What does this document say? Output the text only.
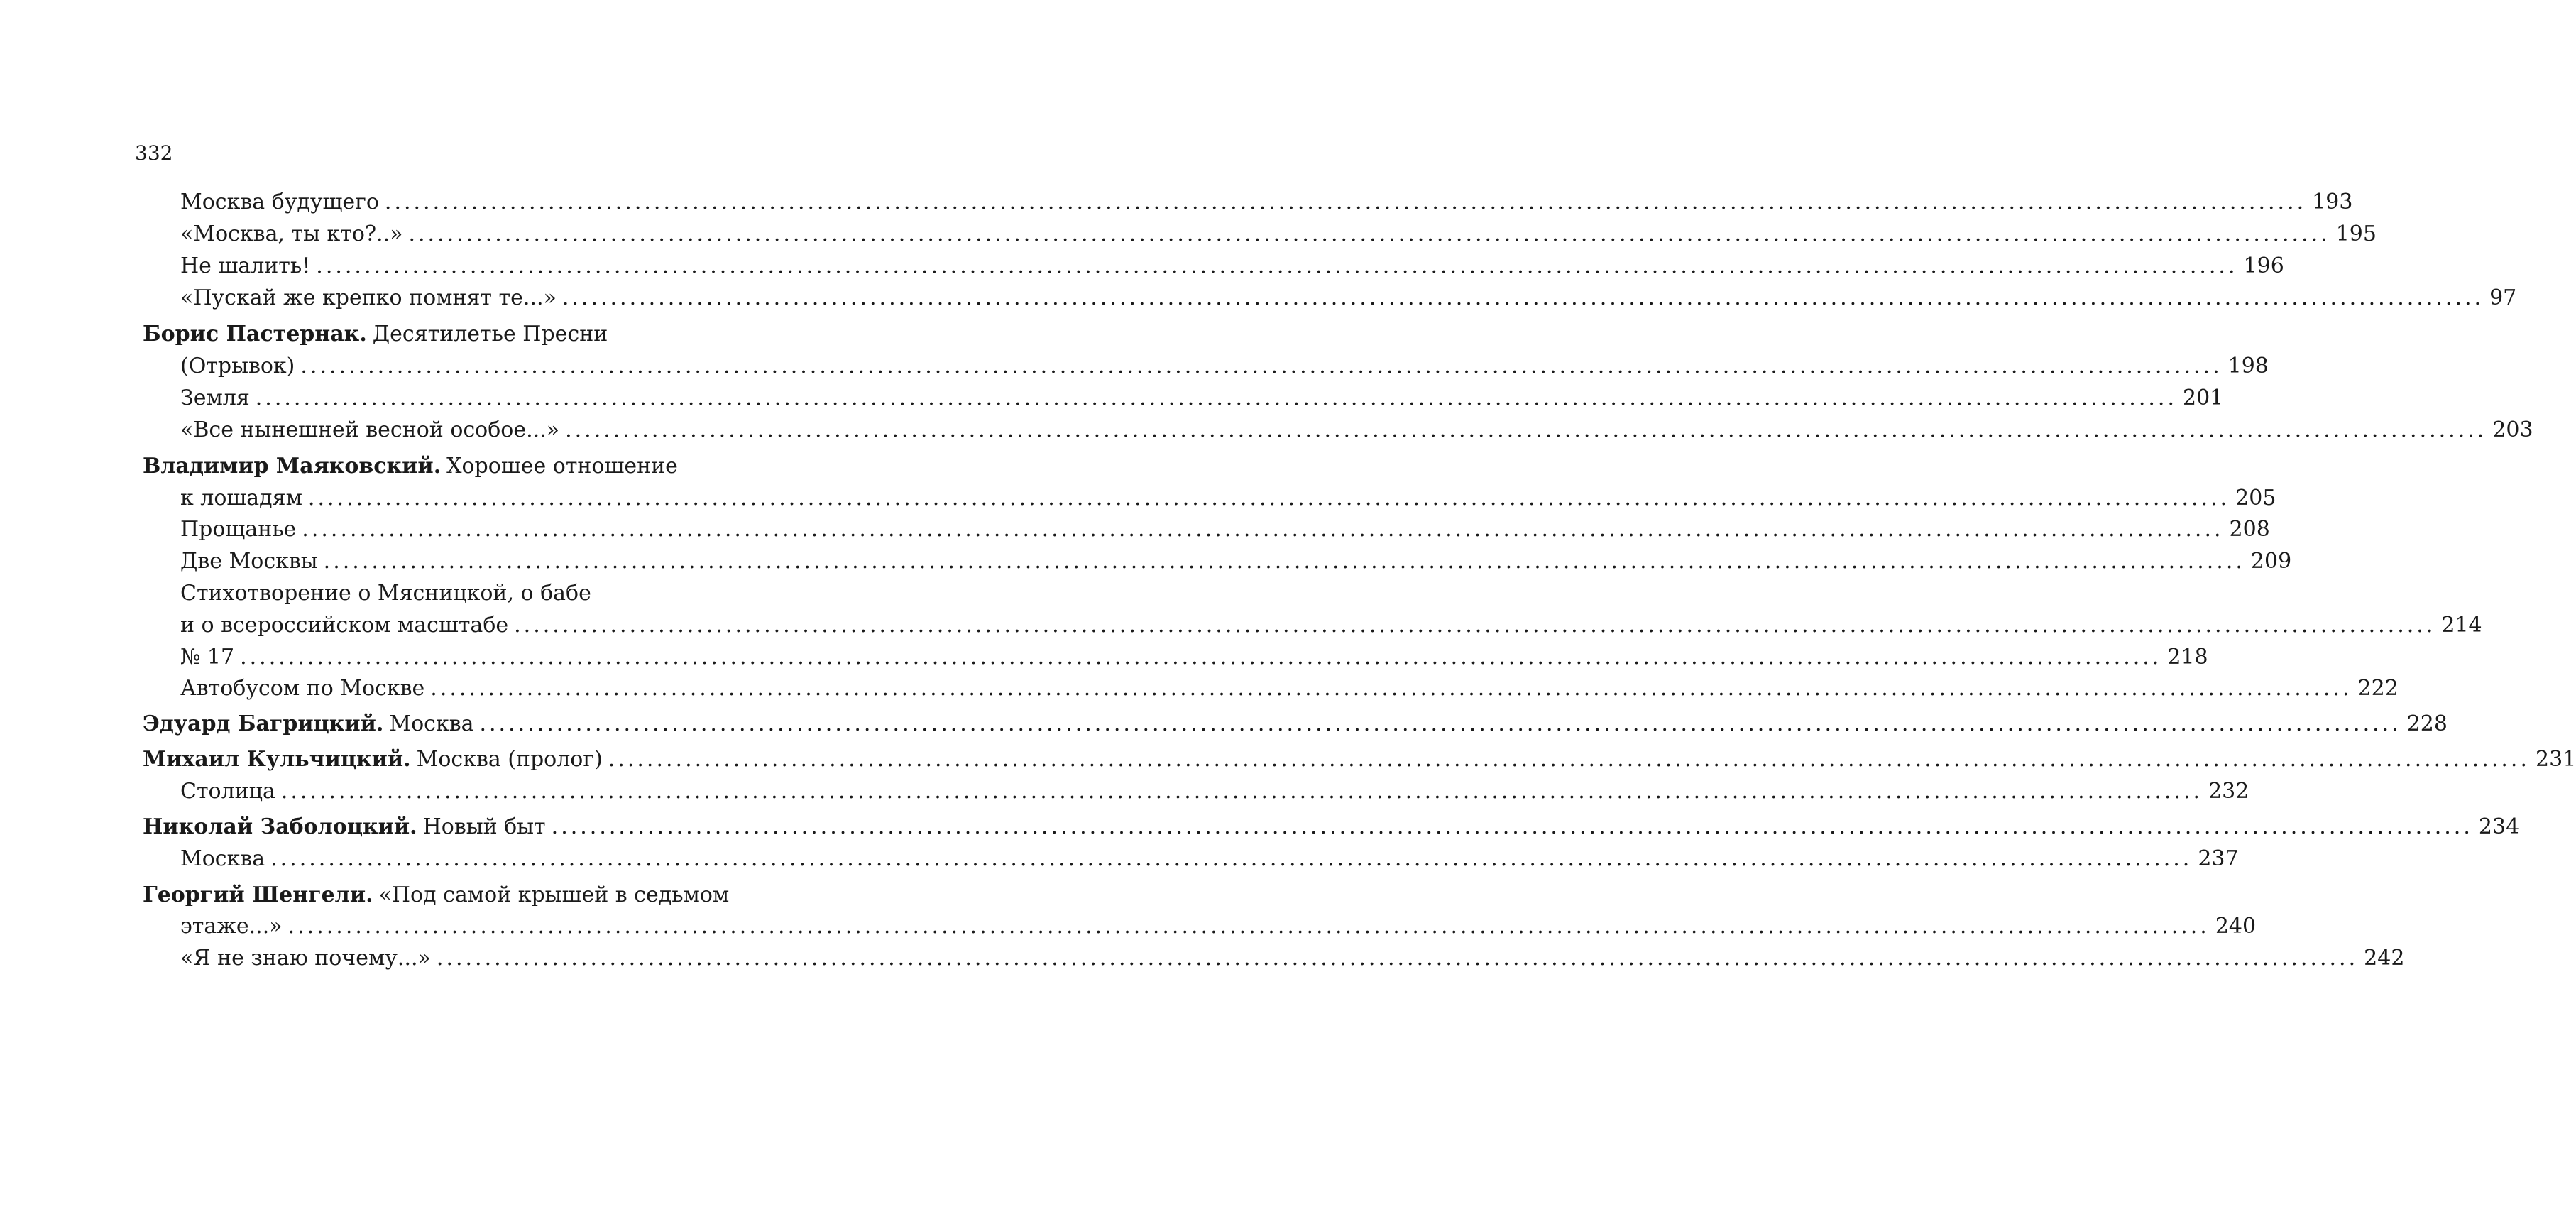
332
Москва будущего ........................................................................................................................................................................................................ 193
«Москва, ты кто?..» ........................................................................................................................................................................................................ 195
Не шалить! ........................................................................................................................................................................................................ 196
«Пускай же крепко помнят те...» ........................................................................................................................................................................................................ 97
Борис Пастернак. Десятилетье Пресни
(Отрывок) ........................................................................................................................................................................................................ 198
Земля ........................................................................................................................................................................................................ 201
«Все нынешней весной особое...» ........................................................................................................................................................................................................ 203
Владимир Маяковский. Хорошее отношение
к лошадям ........................................................................................................................................................................................................ 205
Прощанье ........................................................................................................................................................................................................ 208
Две Москвы ........................................................................................................................................................................................................ 209
Стихотворение о Мясницкой, о бабе
и о всероссийском масштабе ........................................................................................................................................................................................................ 214
№ 17 ........................................................................................................................................................................................................ 218
Автобусом по Москве ........................................................................................................................................................................................................ 222
Эдуард Багрицкий. Москва ........................................................................................................................................................................................................ 228
Михаил Кульчицкий. Москва (пролог) ........................................................................................................................................................................................................ 231
Столица ........................................................................................................................................................................................................ 232
Николай Заболоцкий. Новый быт ........................................................................................................................................................................................................ 234
Москва ........................................................................................................................................................................................................ 237
Георгий Шенгели. «Под самой крышей в седьмом
этаже...» ........................................................................................................................................................................................................ 240
«Я не знаю почему...» ........................................................................................................................................................................................................ 242
